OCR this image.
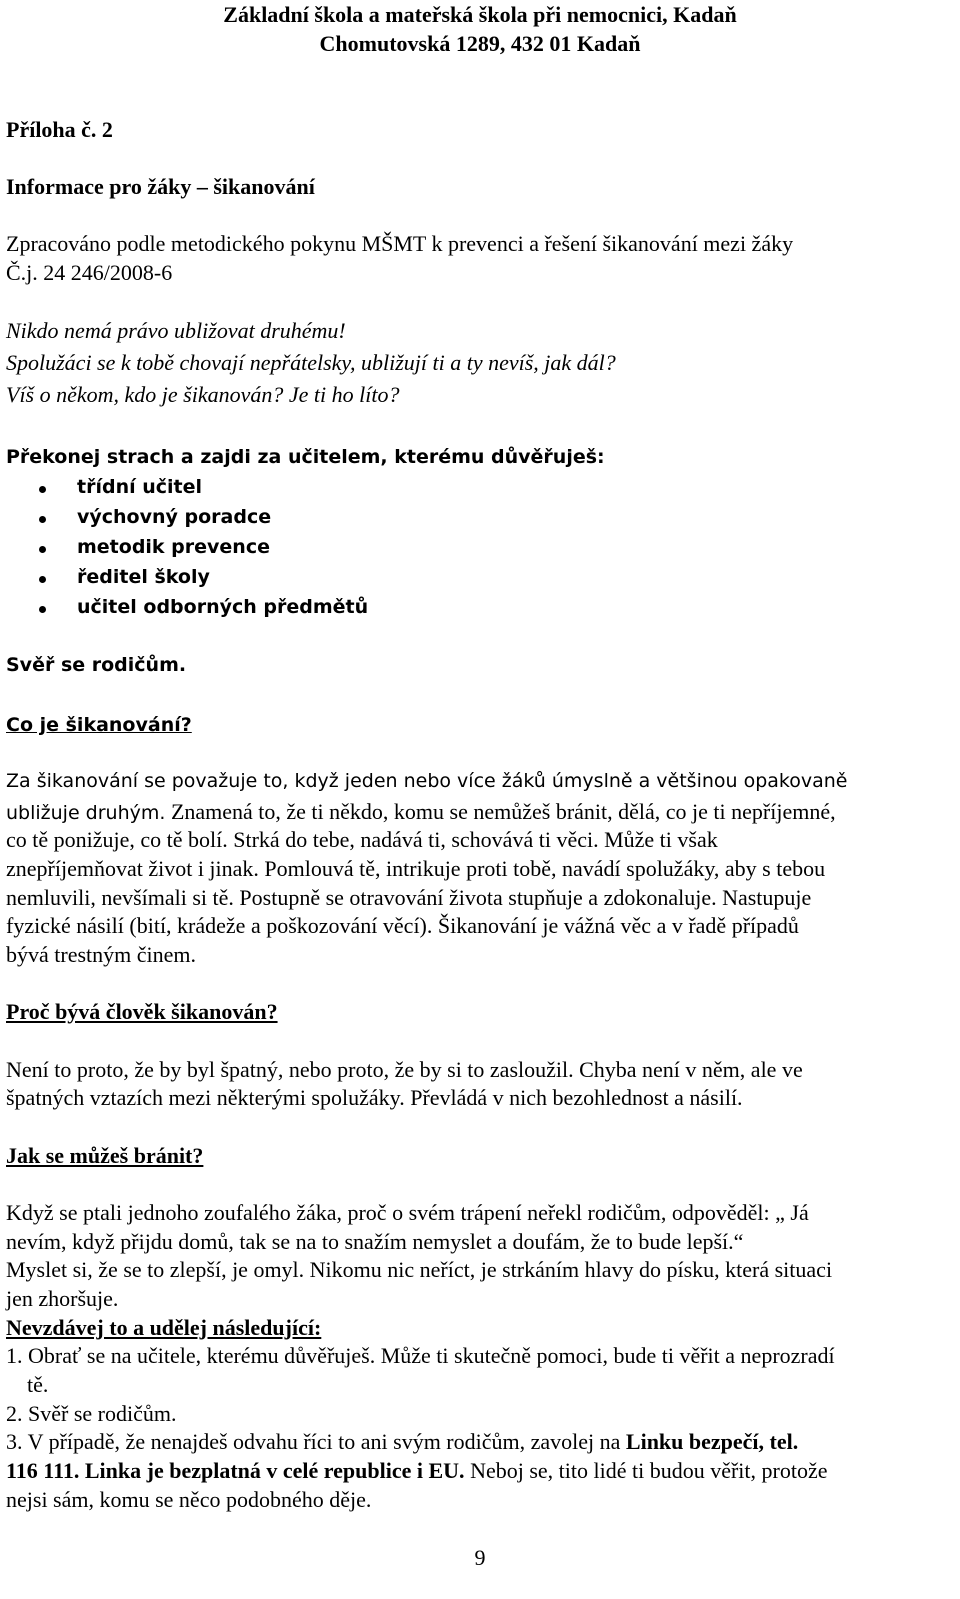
Základní škola a mateřská škola při nemocnici, Kadaň
Chomutovská 1289, 432 01 Kadaň
Příloha č. 2
Informace pro žáky – šikanování
Zpracováno podle metodického pokynu MŠMT k prevenci a řešení šikanování mezi žáky
Č.j. 24 246/2008-6
Nikdo nemá právo ubližovat druhému!
Spolužáci se k tobě chovají nepřátelsky, ubližují ti a ty nevíš, jak dál?
Víš o někom, kdo je šikanován? Je ti ho líto?
Překonej strach a zajdi za učitelem, kterému důvěřuješ:
třídní učitel
výchovný poradce
metodik prevence
ředitel školy
učitel odborných předmětů
Svěř se rodičům.
Co je šikanování?
Za šikanování se považuje to, když jeden nebo více žáků úmyslně a většinou opakovaně
ubližuje druhým. Znamená to, že ti někdo, komu se nemůžeš bránit, dělá, co je ti nepříjemné,
co tě ponižuje, co tě bolí. Strká do tebe, nadává ti, schovává ti věci. Může ti však
znepříjemňovat život i jinak. Pomlouvá tě, intrikuje proti tobě, navádí spolužáky, aby s tebou
nemluvili, nevšímali si tě. Postupně se otravování života stupňuje a zdokonaluje. Nastupuje
fyzické násilí (bití, krádeže a poškozování věcí). Šikanování je vážná věc a v řadě případů
bývá trestným činem.
Proč bývá člověk šikanován?
Není to proto, že by byl špatný, nebo proto, že by si to zasloužil. Chyba není v něm, ale ve
špatných vztazích mezi některými spolužáky. Převládá v nich bezohlednost a násilí.
Jak se můžeš bránit?
Když se ptali jednoho zoufalého žáka, proč o svém trápení neřekl rodičům, odpověděl: „ Já
nevím, když přijdu domů, tak se na to snažím nemyslet a doufám, že to bude lepší.“
Myslet si, že se to zlepší, je omyl. Nikomu nic neříct, je strkáním hlavy do písku, která situaci
jen zhoršuje.
Nevzdávej to a udělej následující:
1. Obrať se na učitele, kterému důvěřuješ. Může ti skutečně pomoci, bude ti věřit a neprozradí
tě.
2. Svěř se rodičům.
3. V případě, že nenajdeš odvahu říci to ani svým rodičům, zavolej na Linku bezpečí, tel.
116 111. Linka je bezplatná v celé republice i EU. Neboj se, tito lidé ti budou věřit, protože
nejsi sám, komu se něco podobného děje.
9
